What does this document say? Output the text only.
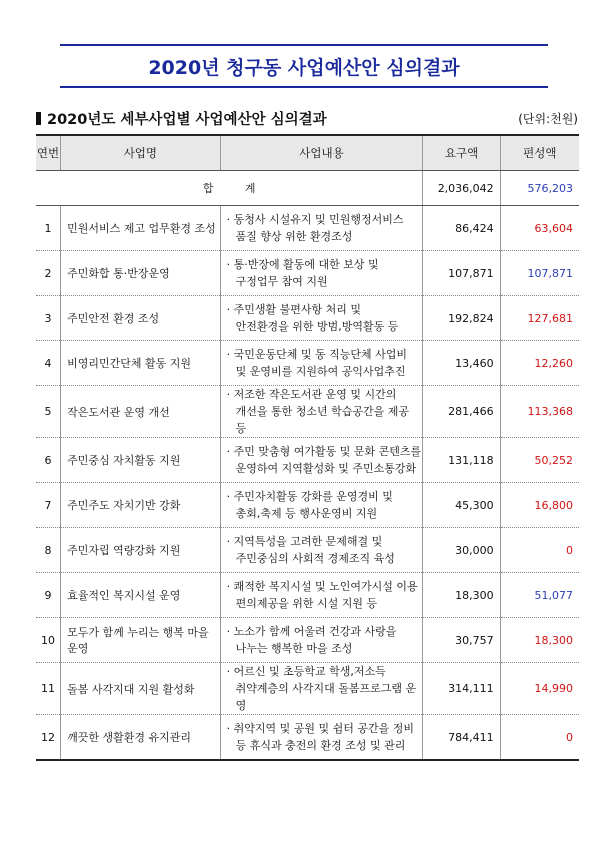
2020년 청구동 사업예산안 심의결과
2020년도 세부사업별 사업예산안 심의결과	(단위:천원)
연번	사업명	사업내용	요구액	편성액
합 계			2,036,042	576,203
1	민원서비스 제고 업무환경 조성	· 동청사 시설유지 및 민원행정서비스
품질 향상 위한 환경조성	86,424	63,604
2	주민화합 통·반장운영	· 통·반장에 활동에 대한 보상 및
구정업무 참여 지원	107,871	107,871
3	주민안전 환경 조성	· 주민생활 불편사항 처리 및
안전환경을 위한 방범,방역활동 등	192,824	127,681
4	비영리민간단체 활동 지원	· 국민운동단체 및 동 직능단체 사업비
및 운영비를 지원하여 공익사업추진	13,460	12,260
5	작은도서관 운영 개선	· 저조한 작은도서관 운영 및 시간의
개선을 통한 청소년 학습공간을 제공 등	281,466	113,368
6	주민중심 자치활동 지원	· 주민 맞춤형 여가활동 및 문화 콘텐츠를
운영하여 지역활성화 및 주민소통강화	131,118	50,252
7	주민주도 자치기반 강화	· 주민자치활동 강화를 운영경비 및
총회,축제 등 행사운영비 지원	45,300	16,800
8	주민자립 역량강화 지원	· 지역특성을 고려한 문제해결 및
주민중심의 사회적 경제조직 육성	30,000	0
9	효율적인 복지시설 운영	· 쾌적한 복지시설 및 노인여가시설 이용
편의제공을 위한 시설 지원 등	18,300	51,077
10	모두가 함께 누리는 행복 마을 운영	· 노소가 함께 어울려 건강과 사랑을
나누는 행복한 마을 조성	30,757	18,300
11	돌봄 사각지대 지원 활성화	· 어르신 및 초등학교 학생,저소득
취약계층의 사각지대 돌봄프로그램 운영	314,111	14,990
12	깨끗한 생활환경 유지관리	· 취약지역 및 공원 및 쉼터 공간을 정비
등 휴식과 충전의 환경 조성 및 관리	784,411	0
